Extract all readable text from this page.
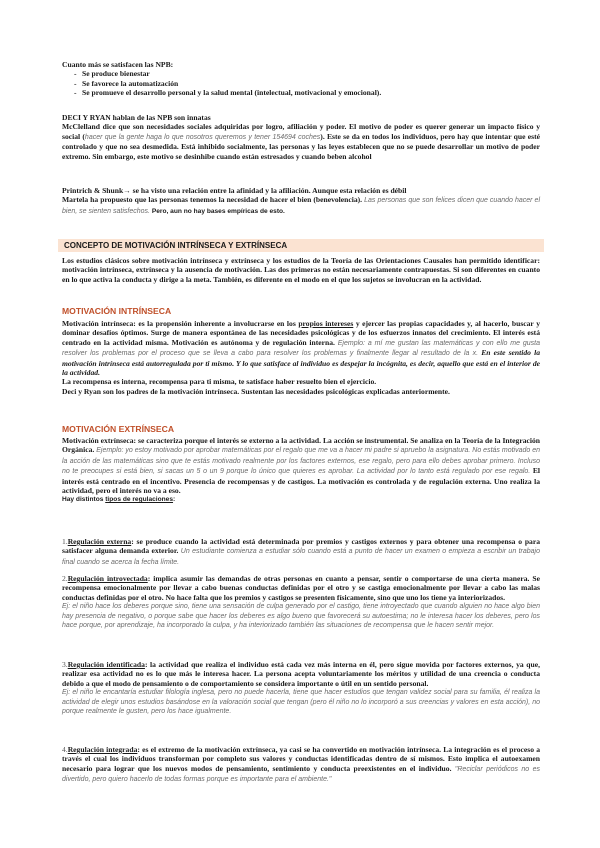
Cuanto más se satisfacen las NPB:
- Se produce bienestar
- Se favorece la automatización
- Se promueve el desarrollo personal y la salud mental (intelectual, motivacional y emocional).
DECI Y RYAN hablan de las NPB son innatas
McClelland dice que son necesidades sociales adquiridas por logro, afiliación y poder. El motivo de poder es querer generar un impacto físico y social (hacer que la gente haga lo que nosotros queremos y tener 154694 coches). Este se da en todos los individuos, pero hay que intentar que esté controlado y que no sea desmedida. Está inhibido socialmente, las personas y las leyes establecen que no se puede desarrollar un motivo de poder extremo. Sin embargo, este motivo se desinhibe cuando están estresados y cuando beben alcohol
Printrich & Shunk→ se ha visto una relación entre la afinidad y la afiliación. Aunque esta relación es débil
Martela ha propuesto que las personas tenemos la necesidad de hacer el bien (benevolencia). Las personas que son felices dicen que cuando hacer el bien, se sienten satisfechos. Pero, aun no hay bases empíricas de esto.
CONCEPTO DE MOTIVACIÓN INTRÍNSECA Y EXTRÍNSECA
Los estudios clásicos sobre motivación intrínseca y extrínseca y los estudios de la Teoría de las Orientaciones Causales han permitido identificar: motivación intrínseca, extrínseca y la ausencia de motivación. Las dos primeras no están necesariamente contrapuestas. Si son diferentes en cuanto en lo que activa la conducta y dirige a la meta. También, es diferente en el modo en el que los sujetos se involucran en la actividad.
MOTIVACIÓN INTRÍNSECA
Motivación intrínseca: es la propensión inherente a involucrarse en los propios intereses y ejercer las propias capacidades y, al hacerlo, buscar y dominar desafíos óptimos. Surge de manera espontánea de las necesidades psicológicas y de los esfuerzos innatos del crecimiento. El interés está centrado en la actividad misma. Motivación es autónoma y de regulación interna. Ejemplo: a mí me gustan las matemáticas y con ello me gusta resolver los problemas por el proceso que se lleva a cabo para resolver los problemas y finalmente llegar al resultado de la x. En este sentido la motivación intrínseca está autorregulada por ti mismo. Y lo que satisface al individuo es despejar la incógnita, es decir, aquello que está en el interior de la actividad.
La recompensa es interna, recompensa para ti misma, te satisface haber resuelto bien el ejercicio.
Deci y Ryan son los padres de la motivación intrínseca. Sustentan las necesidades psicológicas explicadas anteriormente.
MOTIVACIÓN EXTRÍNSECA
Motivación extrínseca: se caracteriza porque el interés se externo a la actividad. La acción se instrumental. Se analiza en la Teoría de la Integración Orgánica. Ejemplo: yo estoy motivado por aprobar matemáticas por el regalo que me va a hacer mi padre si apruebo la asignatura. No estás motivado en la acción de las matemáticas sino que te estás motivado realmente por los factores externos, ese regalo, pero para ello debes aprobar primero. Incluso no te preocupes si está bien, si sacas un 5 o un 9 porque lo único que quieres es aprobar. La actividad por lo tanto está regulado por ese regalo. El interés está centrado en el incentivo. Presencia de recompensas y de castigos. La motivación es controlada y de regulación externa. Uno realiza la actividad, pero el interés no va a eso.
Hay distintos tipos de regulaciones:
1.Regulación externa: se produce cuando la actividad está determinada por premios y castigos externos y para obtener una recompensa o para satisfacer alguna demanda exterior. Un estudiante comienza a estudiar sólo cuando está a punto de hacer un examen o empieza a escribir un trabajo final cuando se acerca la fecha límite.
2.Regulación introvectada: implica asumir las demandas de otras personas en cuanto a pensar, sentir o comportarse de una cierta manera. Se recompensa emocionalmente por llevar a cabo buenas conductas definidas por el otro y se castiga emocionalmente por llevar a cabo las malas conductas definidas por el otro. No hace falta que los premios y castigos se presenten físicamente, sino que uno los tiene ya interiorizados.
Ej: el niño hace los deberes porque sino, tiene una sensación de culpa generado por el castigo, tiene introyectado que cuando alguien no hace algo bien hay presencia de negativo, o porque sabe que hacer los deberes es algo bueno que favorecerá su autoestima; no le interesa hacer los deberes, pero los hace porque, por aprendizaje, ha incorporado la culpa, y ha interiorizado también las situaciones de recompensa que le hacen sentir mejor.
3.Regulación identificada: la actividad que realiza el individuo está cada vez más interna en él, pero sigue movida por factores externos, ya que, realizar esa actividad no es lo que más le interesa hacer. La persona acepta voluntariamente los méritos y utilidad de una creencia o conducta debido a que el modo de pensamiento o de comportamiento se considera importante o útil en un sentido personal.
Ej: el niño le encantaría estudiar filología inglesa, pero no puede hacerla, tiene que hacer estudios que tengan validez social para su familia, él realiza la actividad de elegir unos estudios basándose en la valoración social que tengan (pero él niño no lo incorporó a sus creencias y valores en esta acción), no porque realmente le gusten, pero los hace igualmente.
4.Regulación integrada: es el extremo de la motivación extrínseca, ya casi se ha convertido en motivación intrínseca. La integración es el proceso a través el cual los individuos transforman por completo sus valores y conductas identificadas dentro de sí mismos. Esto implica el autoexamen necesario para lograr que los nuevos modos de pensamiento, sentimiento y conducta preexistentes en el individuo. "Reciclar periódicos no es divertido, pero quiero hacerlo de todas formas porque es importante para el ambiente."
